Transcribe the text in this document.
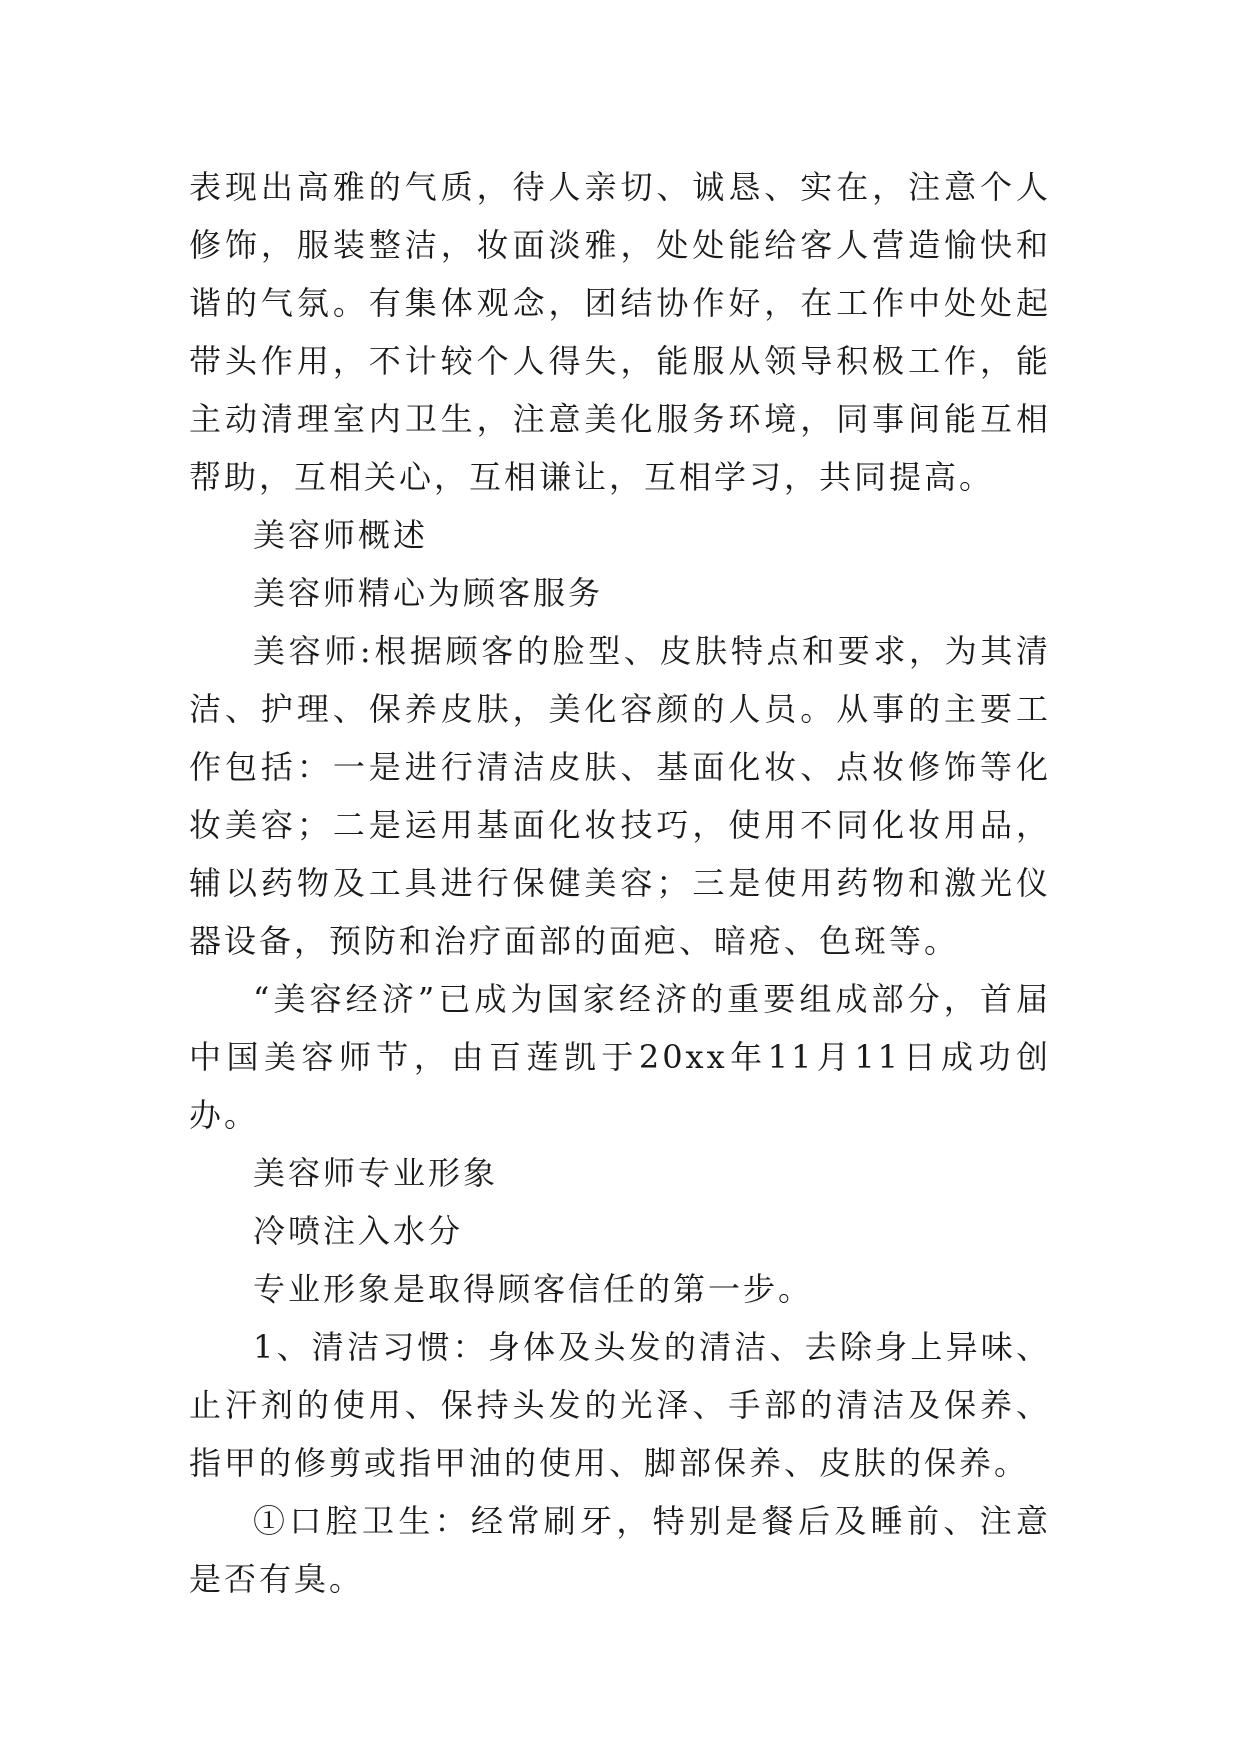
表现出高雅的气质，待人亲切、诚恳、实在，注意个人修饰，服装整洁，妆面淡雅，处处能给客人营造愉快和谐的气氛。有集体观念，团结协作好，在工作中处处起带头作用，不计较个人得失，能服从领导积极工作，能主动清理室内卫生，注意美化服务环境，同事间能互相帮助，互相关心，互相谦让，互相学习，共同提高。

美容师概述

美容师精心为顾客服务

美容师:根据顾客的脸型、皮肤特点和要求，为其清洁、护理、保养皮肤，美化容颜的人员。从事的主要工作包括：一是进行清洁皮肤、基面化妆、点妆修饰等化妆美容；二是运用基面化妆技巧，使用不同化妆用品，辅以药物及工具进行保健美容；三是使用药物和激光仪器设备，预防和治疗面部的面疤、暗疮、色斑等。

“美容经济”已成为国家经济的重要组成部分，首届中国美容师节，由百莲凯于20xx年11月11日成功创办。

美容师专业形象

冷喷注入水分

专业形象是取得顾客信任的第一步。

1、清洁习惯：身体及头发的清洁、去除身上异味、止汗剂的使用、保持头发的光泽、手部的清洁及保养、指甲的修剪或指甲油的使用、脚部保养、皮肤的保养。

①口腔卫生：经常刷牙，特别是餐后及睡前、注意是否有臭。
